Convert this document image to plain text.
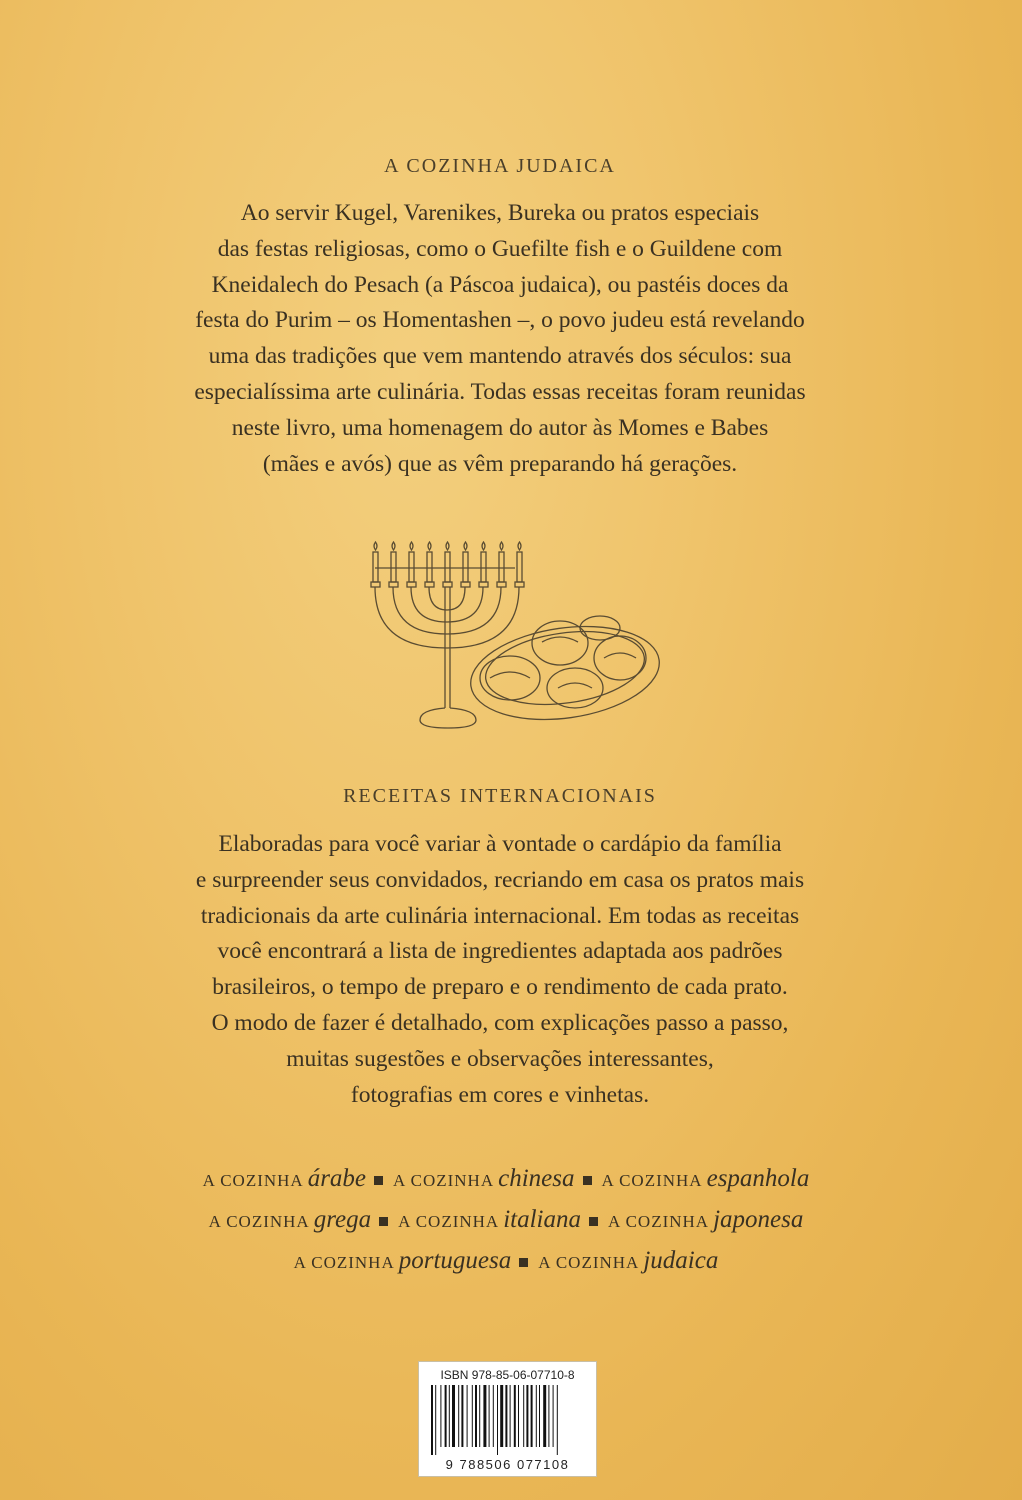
A COZINHA JUDAICA
Ao servir Kugel, Varenikes, Bureka ou pratos especiais
das festas religiosas, como o Guefilte fish e o Guildene com
Kneidalech do Pesach (a Páscoa judaica), ou pastéis doces da
festa do Purim – os Homentashen –, o povo judeu está revelando
uma das tradições que vem mantendo através dos séculos: sua
especialíssima arte culinária. Todas essas receitas foram reunidas
neste livro, uma homenagem do autor às Momes e Babes
(mães e avós) que as vêm preparando há gerações.
RECEITAS INTERNACIONAIS
Elaboradas para você variar à vontade o cardápio da família
e surpreender seus convidados, recriando em casa os pratos mais
tradicionais da arte culinária internacional. Em todas as receitas
você encontrará a lista de ingredientes adaptada aos padrões
brasileiros, o tempo de preparo e o rendimento de cada prato.
O modo de fazer é detalhado, com explicações passo a passo,
muitas sugestões e observações interessantes,
fotografias em cores e vinhetas.
A COZINHA árabe A COZINHA chinesa A COZINHA espanhola
A COZINHA grega A COZINHA italiana A COZINHA japonesa
A COZINHA portuguesa A COZINHA judaica
ISBN 978-85-06-07710-8
9 788506 077108
